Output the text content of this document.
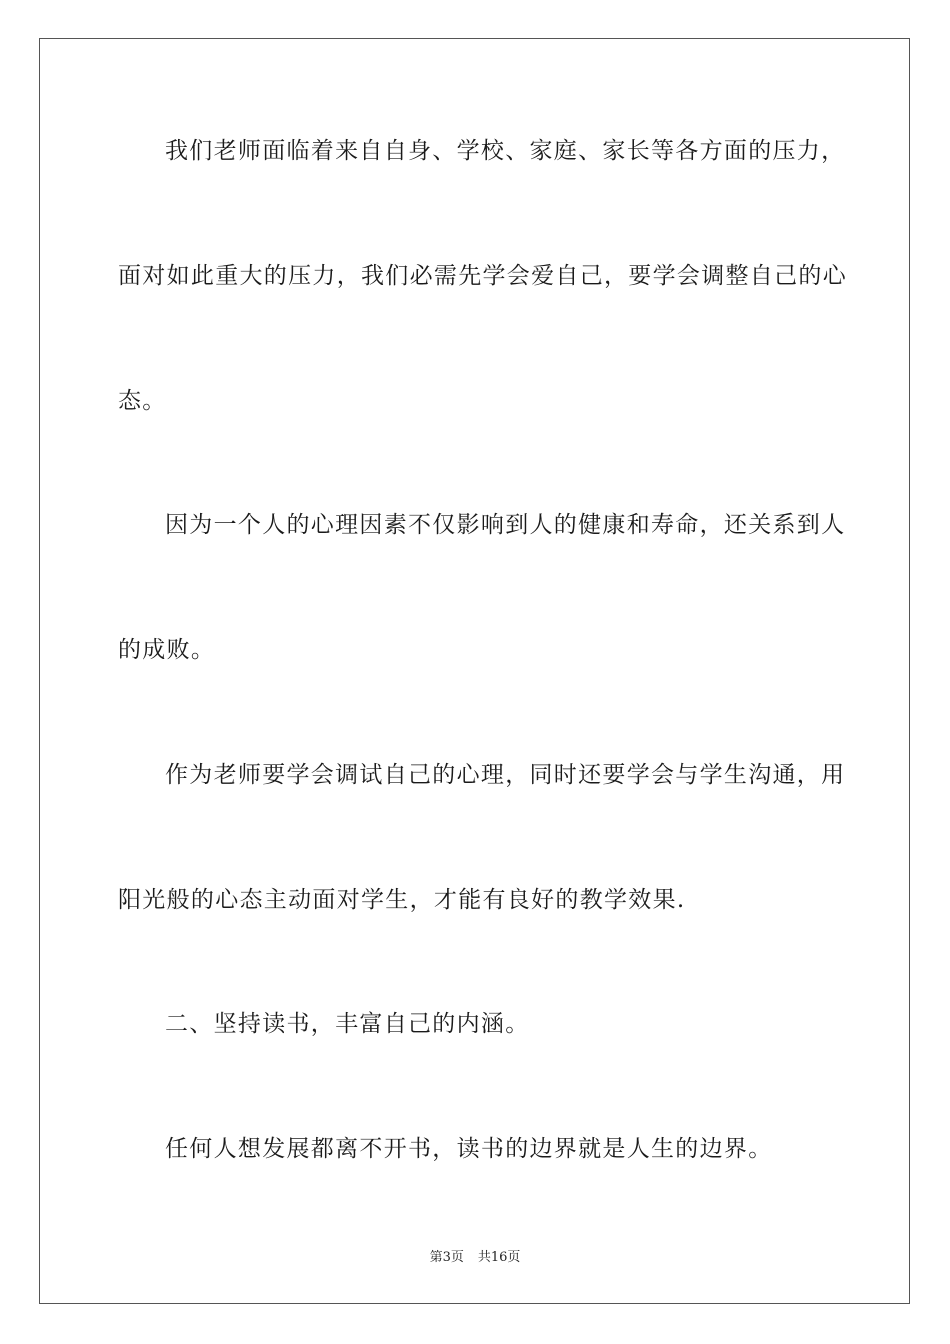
我们老师面临着来自自身、学校、家庭、家长等各方面的压力，
面对如此重大的压力，我们必需先学会爱自己，要学会调整自己的心
态。
因为一个人的心理因素不仅影响到人的健康和寿命，还关系到人
的成败。
作为老师要学会调试自己的心理，同时还要学会与学生沟通，用
阳光般的心态主动面对学生，才能有良好的教学效果.
二、坚持读书，丰富自己的内涵。
任何人想发展都离不开书，读书的边界就是人生的边界。
第3页 共16页
